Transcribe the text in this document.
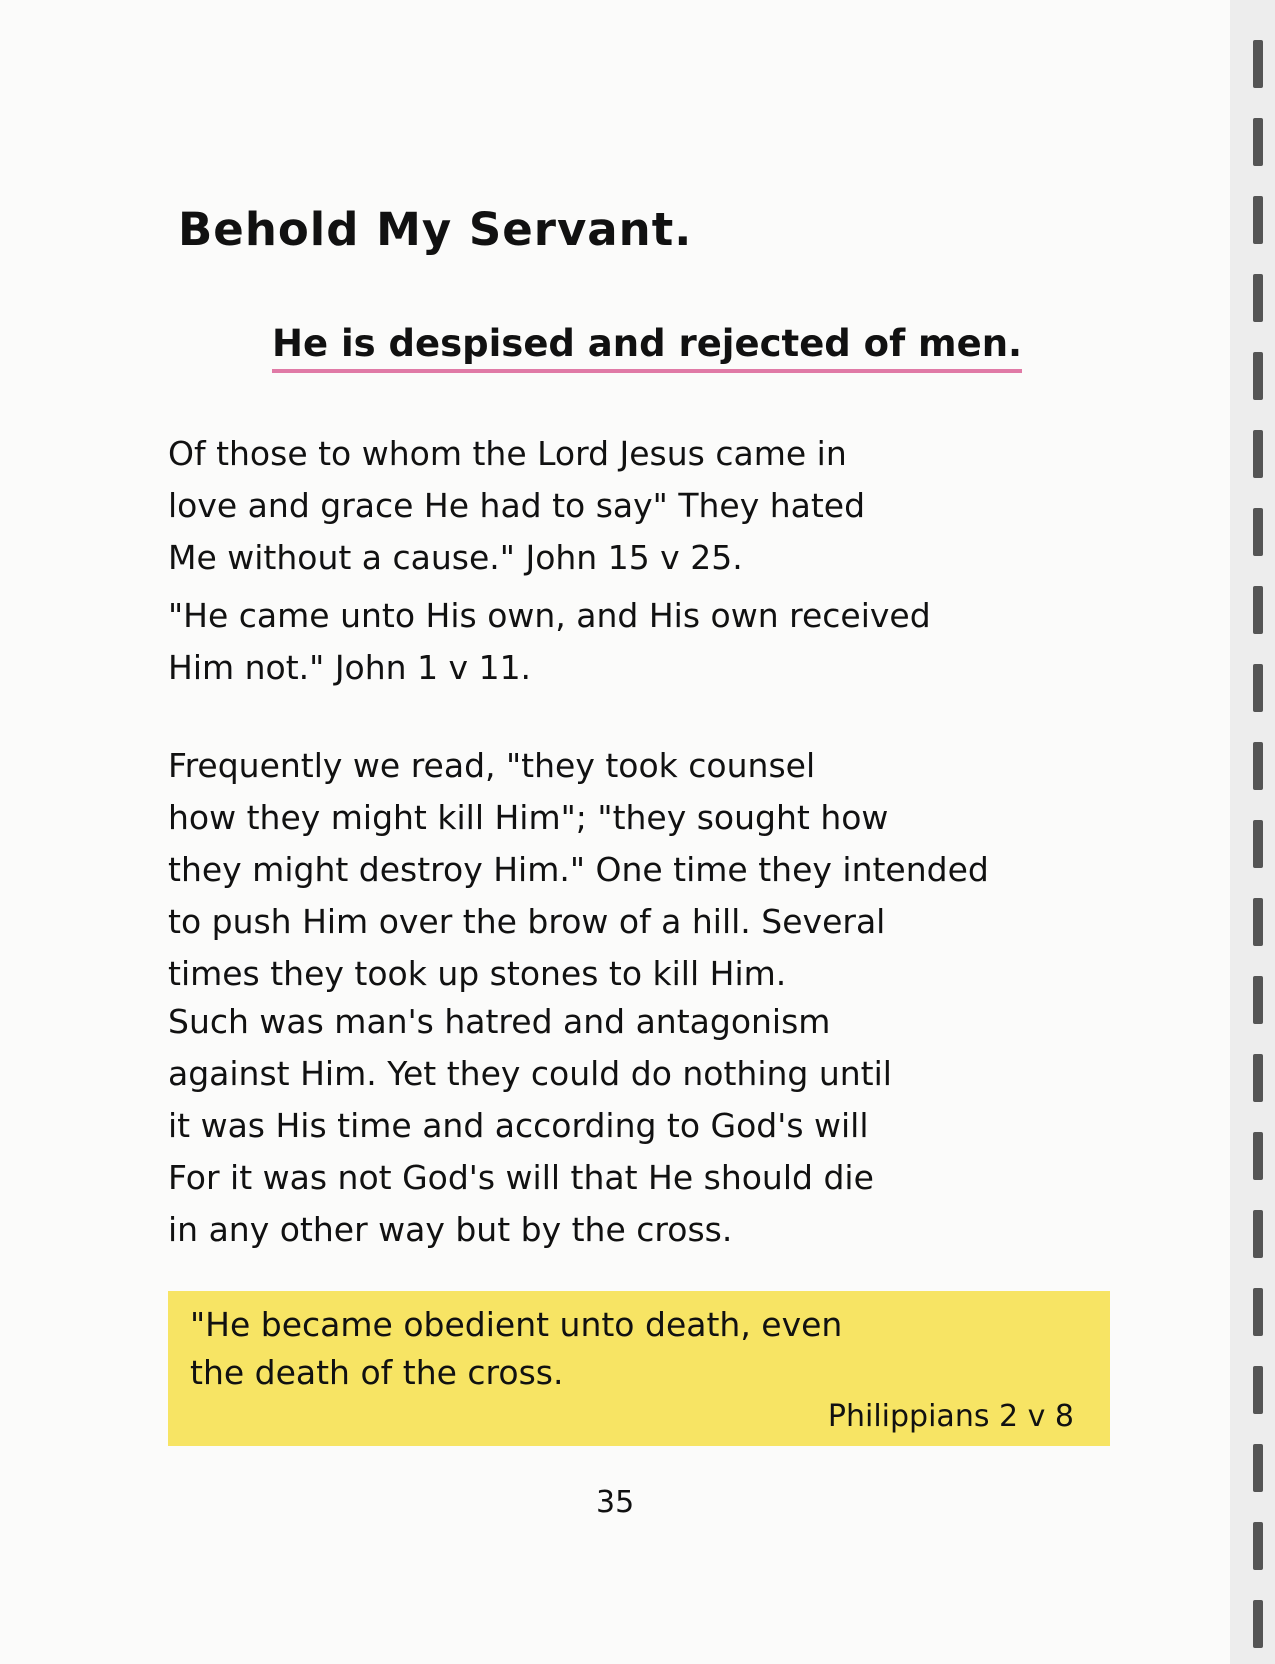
Behold My Servant.
He is despised and rejected of men.
Of those to whom the Lord Jesus came in
love and grace He had to say" They hated
Me without a cause." John 15 v 25.
"He came unto His own, and His own received
Him not." John 1 v 11.
Frequently we read, "they took counsel
how they might kill Him"; "they sought how
they might destroy Him." One time they intended
to push Him over the brow of a hill. Several
times they took up stones to kill Him.
Such was man's hatred and antagonism
against Him. Yet they could do nothing until
it was His time and according to God's will
For it was not God's will that He should die
in any other way but by the cross.
"He became obedient unto death, even
the death of the cross.
Philippians 2 v 8
35
